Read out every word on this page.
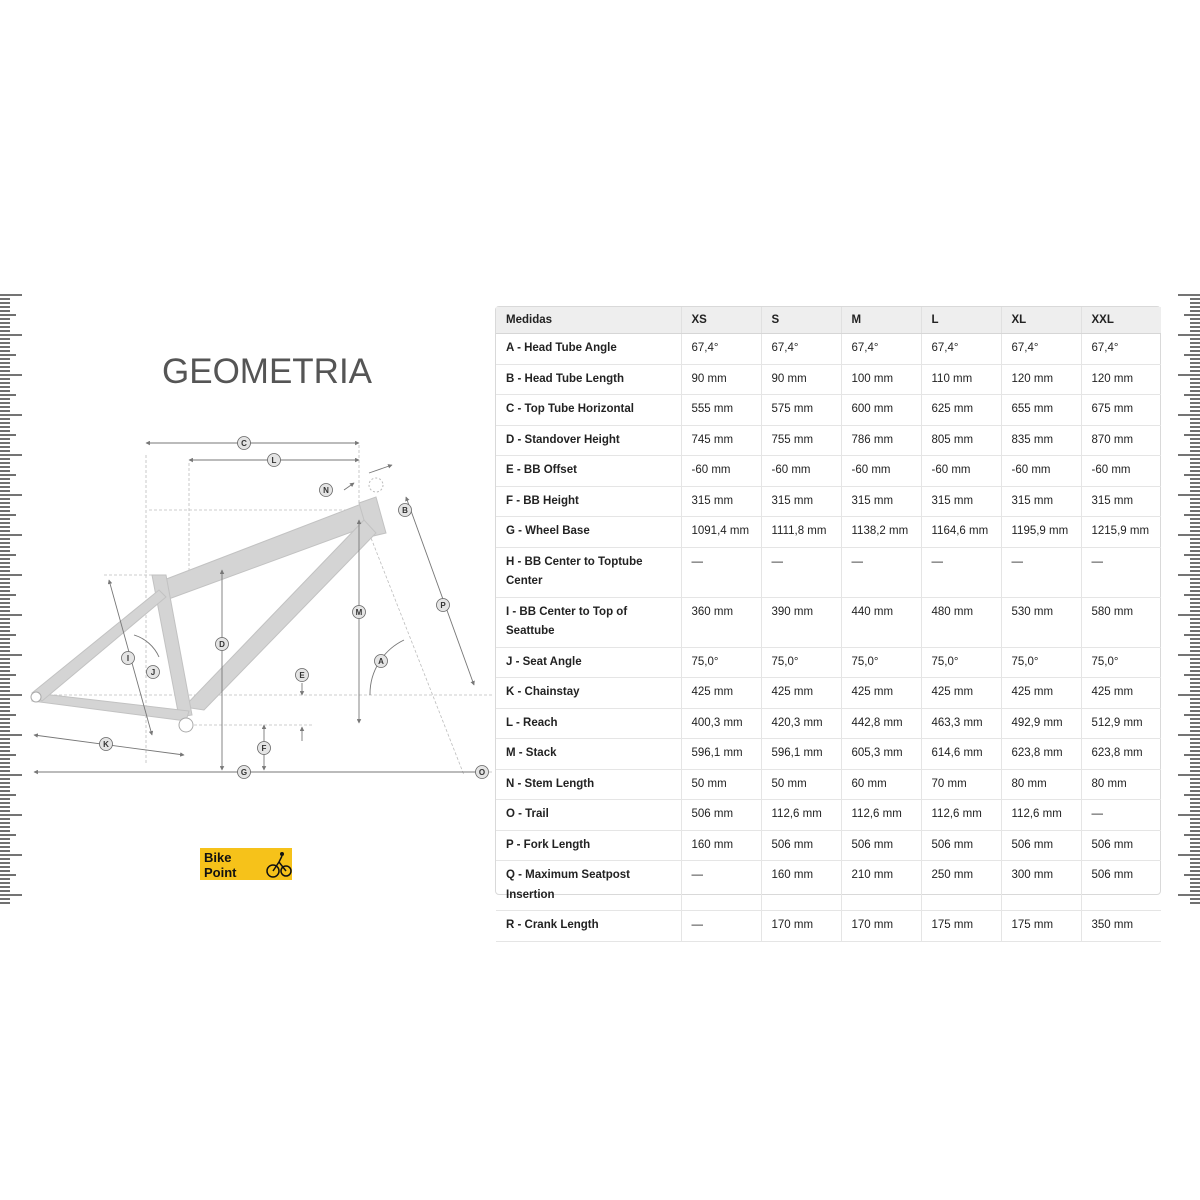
GEOMETRIA
A
B
C
D
E
F
G
I
J
K
L
M
N
O
P
Bike
Point
Medidas	XS	S	M	L	XL	XXL
A - Head Tube Angle	67,4°	67,4°	67,4°	67,4°	67,4°	67,4°
B - Head Tube Length	90 mm	90 mm	100 mm	110 mm	120 mm	120 mm
C - Top Tube Horizontal	555 mm	575 mm	600 mm	625 mm	655 mm	675 mm
D - Standover Height	745 mm	755 mm	786 mm	805 mm	835 mm	870 mm
E - BB Offset	-60 mm	-60 mm	-60 mm	-60 mm	-60 mm	-60 mm
F - BB Height	315 mm	315 mm	315 mm	315 mm	315 mm	315 mm
G - Wheel Base	1091,4 mm	1111,8 mm	1138,2 mm	1164,6 mm	1195,9 mm	1215,9 mm
H - BB Center to Toptube Center	—	—	—	—	—	—
I - BB Center to Top of Seattube	360 mm	390 mm	440 mm	480 mm	530 mm	580 mm
J - Seat Angle	75,0°	75,0°	75,0°	75,0°	75,0°	75,0°
K - Chainstay	425 mm	425 mm	425 mm	425 mm	425 mm	425 mm
L - Reach	400,3 mm	420,3 mm	442,8 mm	463,3 mm	492,9 mm	512,9 mm
M - Stack	596,1 mm	596,1 mm	605,3 mm	614,6 mm	623,8 mm	623,8 mm
N - Stem Length	50 mm	50 mm	60 mm	70 mm	80 mm	80 mm
O - Trail	506 mm	112,6 mm	112,6 mm	112,6 mm	112,6 mm	—
P - Fork Length	160 mm	506 mm	506 mm	506 mm	506 mm	506 mm
Q - Maximum Seatpost Insertion	—	160 mm	210 mm	250 mm	300 mm	506 mm
R - Crank Length	—	170 mm	170 mm	175 mm	175 mm	350 mm
